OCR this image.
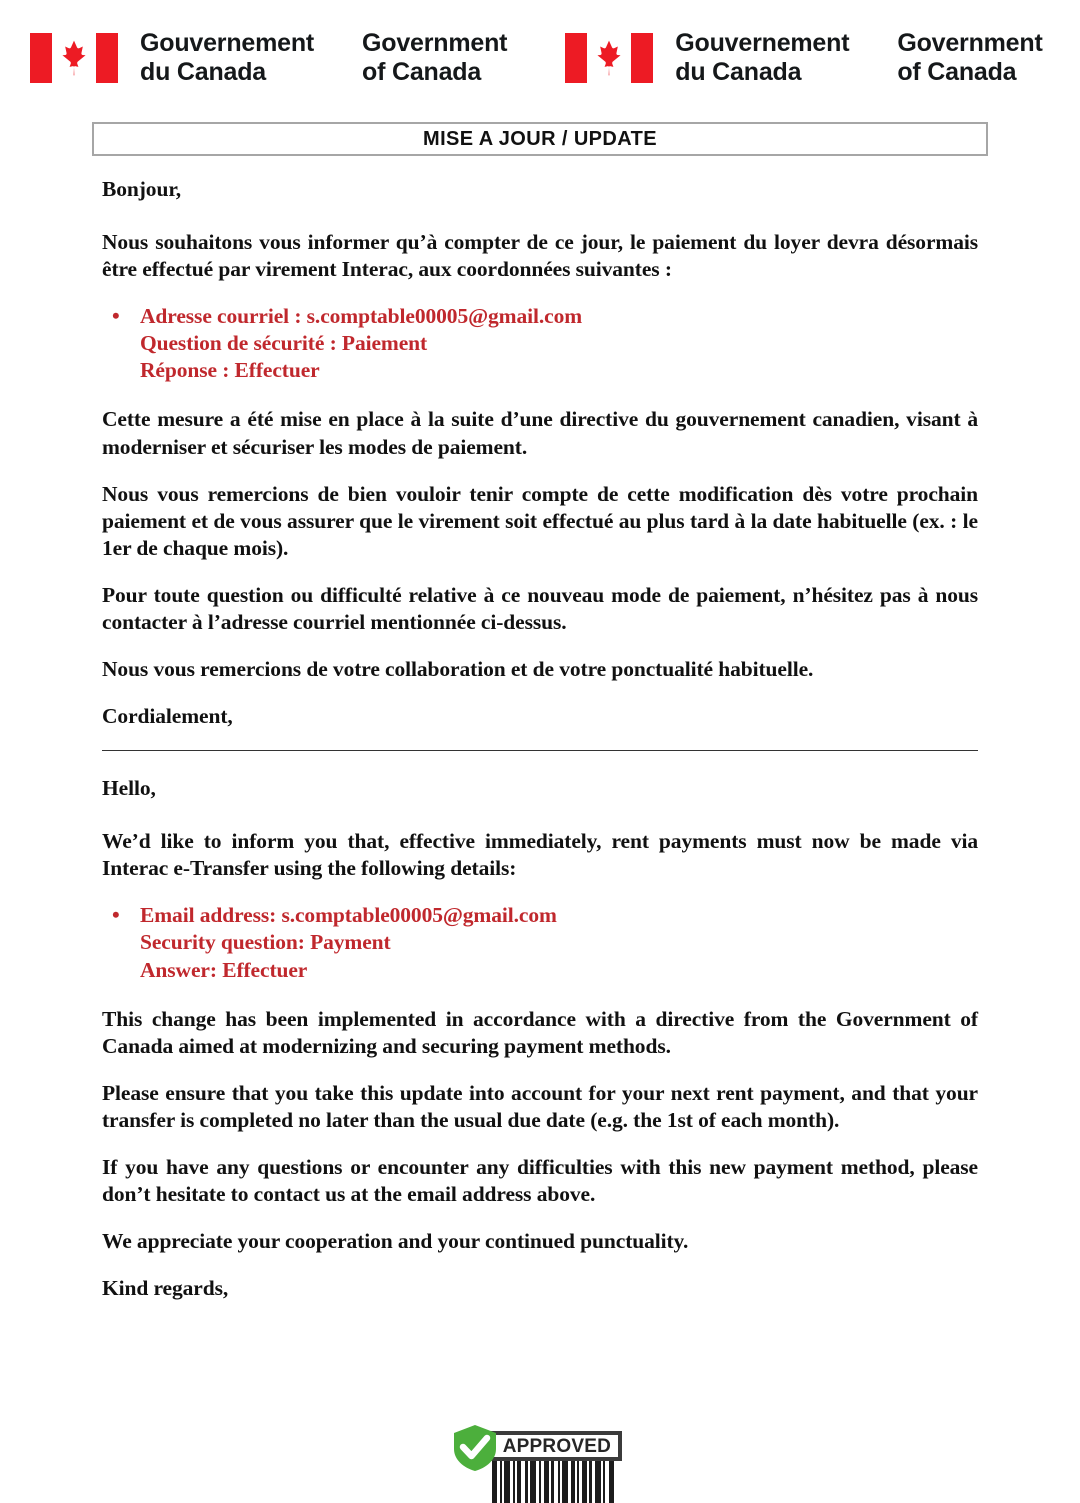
Gouvernement
du Canada
Government
of Canada
Gouvernement
du Canada
Government
of Canada
MISE A JOUR / UPDATE

Bonjour,

Nous souhaitons vous informer qu’à compter de ce jour, le paiement du loyer devra désormais être effectué par virement Interac, aux coordonnées suivantes :

• Adresse courriel : s.comptable00005@gmail.com
Question de sécurité : Paiement
Réponse : Effectuer

Cette mesure a été mise en place à la suite d’une directive du gouvernement canadien, visant à moderniser et sécuriser les modes de paiement.

Nous vous remercions de bien vouloir tenir compte de cette modification dès votre prochain paiement et de vous assurer que le virement soit effectué au plus tard à la date habituelle (ex. : le 1er de chaque mois).

Pour toute question ou difficulté relative à ce nouveau mode de paiement, n’hésitez pas à nous contacter à l’adresse courriel mentionnée ci-dessus.

Nous vous remercions de votre collaboration et de votre ponctualité habituelle.

Cordialement,

Hello,

We’d like to inform you that, effective immediately, rent payments must now be made via Interac e-Transfer using the following details:

• Email address: s.comptable00005@gmail.com
Security question: Payment
Answer: Effectuer

This change has been implemented in accordance with a directive from the Government of Canada aimed at modernizing and securing payment methods.

Please ensure that you take this update into account for your next rent payment, and that your transfer is completed no later than the usual due date (e.g. the 1st of each month).

If you have any questions or encounter any difficulties with this new payment method, please don’t hesitate to contact us at the email address above.

We appreciate your cooperation and your continued punctuality.

Kind regards,

APPROVED
